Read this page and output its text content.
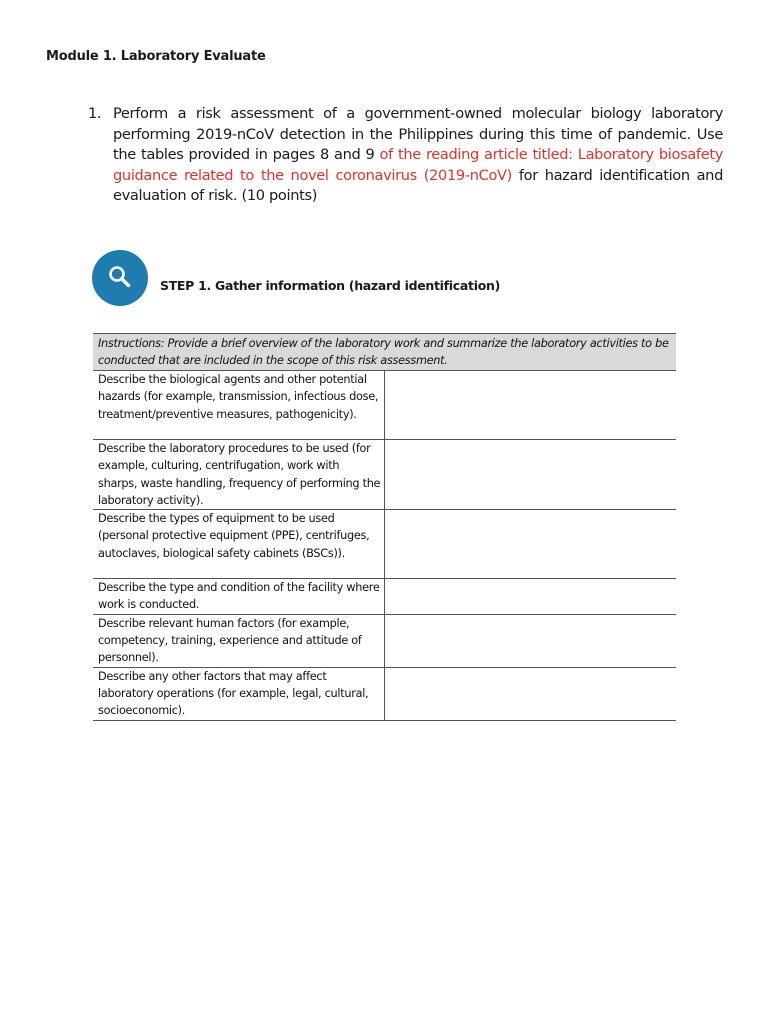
Module 1. Laboratory Evaluate
1. Perform a risk assessment of a government-owned molecular biology laboratory performing 2019-nCoV detection in the Philippines during this time of pandemic. Use the tables provided in pages 8 and 9 of the reading article titled: Laboratory biosafety guidance related to the novel coronavirus (2019-nCoV) for hazard identification and evaluation of risk. (10 points)
STEP 1. Gather information (hazard identification)
Instructions: Provide a brief overview of the laboratory work and summarize the laboratory activities to be conducted that are included in the scope of this risk assessment.	
Describe the biological agents and other potential hazards (for example, transmission, infectious dose, treatment/preventive measures, pathogenicity).	
Describe the laboratory procedures to be used (for example, culturing, centrifugation, work with sharps, waste handling, frequency of performing the laboratory activity).	
Describe the types of equipment to be used (personal protective equipment (PPE), centrifuges, autoclaves, biological safety cabinets (BSCs)).	
Describe the type and condition of the facility where work is conducted.	
Describe relevant human factors (for example, competency, training, experience and attitude of personnel).	
Describe any other factors that may affect laboratory operations (for example, legal, cultural, socioeconomic).	
